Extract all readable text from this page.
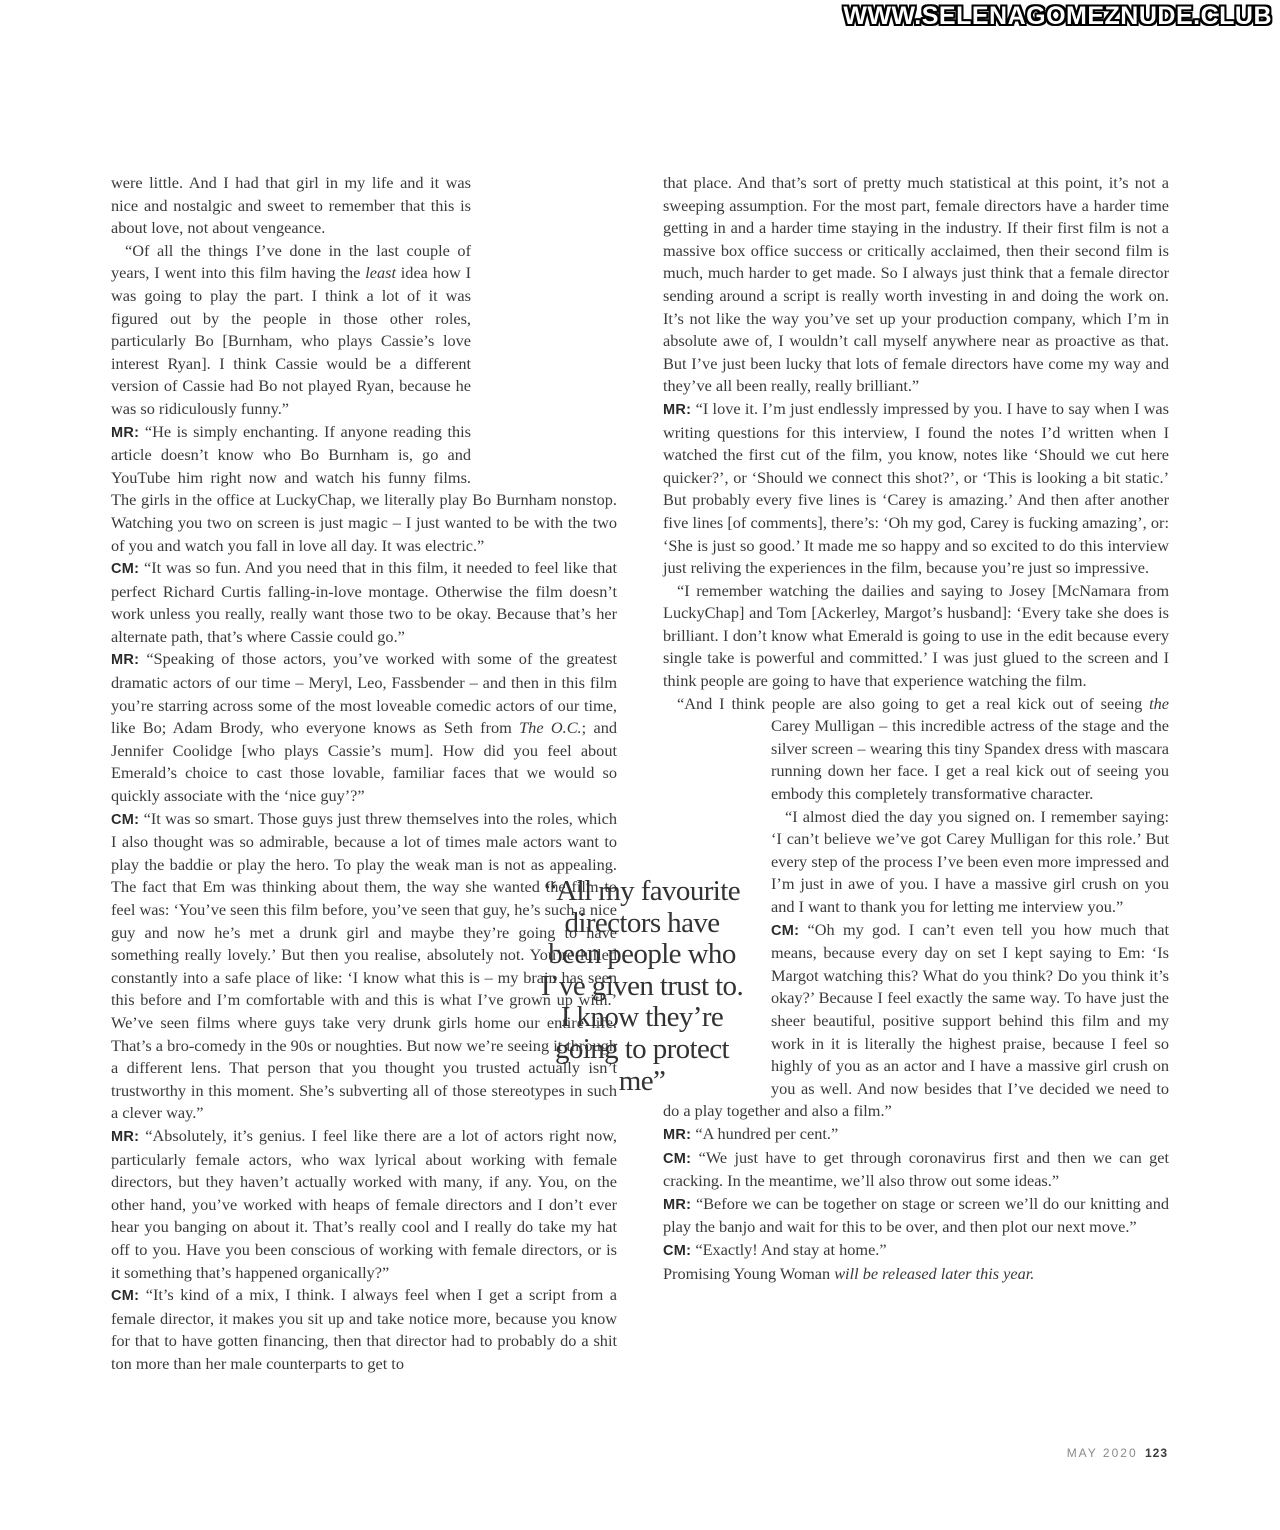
WWW.SELENAGOMEZNUDE.CLUB

were little. And I had that girl in my life and it was nice and nostalgic and sweet to remember that this is about love, not about vengeance.

“Of all the things I’ve done in the last couple of years, I went into this film having the least idea how I was going to play the part. I think a lot of it was figured out by the people in those other roles, particularly Bo [Burnham, who plays Cassie’s love interest Ryan]. I think Cassie would be a different version of Cassie had Bo not played Ryan, because he was so ridiculously funny.”

MR: “He is simply enchanting. If anyone reading this article doesn’t know who Bo Burnham is, go and YouTube him right now and watch his funny films. The girls in the office at LuckyChap, we literally play Bo Burnham nonstop. Watching you two on screen is just magic – I just wanted to be with the two of you and watch you fall in love all day. It was electric.”

CM: “It was so fun. And you need that in this film, it needed to feel like that perfect Richard Curtis falling-in-love montage. Otherwise the film doesn’t work unless you really, really want those two to be okay. Because that’s her alternate path, that’s where Cassie could go.”

MR: “Speaking of those actors, you’ve worked with some of the greatest dramatic actors of our time – Meryl, Leo, Fassbender – and then in this film you’re starring across some of the most loveable comedic actors of our time, like Bo; Adam Brody, who everyone knows as Seth from The O.C.; and Jennifer Coolidge [who plays Cassie’s mum]. How did you feel about Emerald’s choice to cast those lovable, familiar faces that we would so quickly associate with the ‘nice guy’?”

CM: “It was so smart. Those guys just threw themselves into the roles, which I also thought was so admirable, because a lot of times male actors want to play the baddie or play the hero. To play the weak man is not as appealing. The fact that Em was thinking about them, the way she wanted the film to feel was: ‘You’ve seen this film before, you’ve seen that guy, he’s such a nice guy and now he’s met a drunk girl and maybe they’re going to have something really lovely.’ But then you realise, absolutely not. You’re lulled constantly into a safe place of like: ‘I know what this is – my brain has seen this before and I’m comfortable with and this is what I’ve grown up with.’ We’ve seen films where guys take very drunk girls home our entire life. That’s a bro-comedy in the 90s or noughties. But now we’re seeing it through a different lens. That person that you thought you trusted actually isn’t trustworthy in this moment. She’s subverting all of those stereotypes in such a clever way.”

MR: “Absolutely, it’s genius. I feel like there are a lot of actors right now, particularly female actors, who wax lyrical about working with female directors, but they haven’t actually worked with many, if any. You, on the other hand, you’ve worked with heaps of female directors and I don’t ever hear you banging on about it. That’s really cool and I really do take my hat off to you. Have you been conscious of working with female directors, or is it something that’s happened organically?”

CM: “It’s kind of a mix, I think. I always feel when I get a script from a female director, it makes you sit up and take notice more, because you know for that to have gotten financing, then that director had to probably do a shit ton more than her male counterparts to get to

“All my favourite directors have been people who I’ve given trust to. I know they’re going to protect me”

that place. And that’s sort of pretty much statistical at this point, it’s not a sweeping assumption. For the most part, female directors have a harder time getting in and a harder time staying in the industry. If their first film is not a massive box office success or critically acclaimed, then their second film is much, much harder to get made. So I always just think that a female director sending around a script is really worth investing in and doing the work on. It’s not like the way you’ve set up your production company, which I’m in absolute awe of, I wouldn’t call myself anywhere near as proactive as that. But I’ve just been lucky that lots of female directors have come my way and they’ve all been really, really brilliant.”

MR: “I love it. I’m just endlessly impressed by you. I have to say when I was writing questions for this interview, I found the notes I’d written when I watched the first cut of the film, you know, notes like ‘Should we cut here quicker?’, or ‘Should we connect this shot?’, or ‘This is looking a bit static.’ But probably every five lines is ‘Carey is amazing.’ And then after another five lines [of comments], there’s: ‘Oh my god, Carey is fucking amazing’, or: ‘She is just so good.’ It made me so happy and so excited to do this interview just reliving the experiences in the film, because you’re just so impressive.

“I remember watching the dailies and saying to Josey [McNamara from LuckyChap] and Tom [Ackerley, Margot’s husband]: ‘Every take she does is brilliant. I don’t know what Emerald is going to use in the edit because every single take is powerful and committed.’ I was just glued to the screen and I think people are going to have that experience watching the film.

“And I think people are also going to get a real kick out of seeing the
Carey Mulligan – this incredible actress of the stage and the silver screen – wearing this tiny Spandex dress with mascara running down her face. I get a real kick out of seeing you embody this completely transformative character.

“I almost died the day you signed on. I remember saying: ‘I can’t believe we’ve got Carey Mulligan for this role.’ But every step of the process I’ve been even more impressed and I’m just in awe of you. I have a massive girl crush on you and I want to thank you for letting me interview you.”

CM: “Oh my god. I can’t even tell you how much that means, because every day on set I kept saying to Em: ‘Is Margot watching this? What do you think? Do you think it’s okay?’ Because I feel exactly the same way. To have just the sheer beautiful, positive support behind this film and my work in it is literally the highest praise, because I feel so highly of you as an actor and I have a massive girl crush on you as well. And now besides that I’ve decided we need to do a play together and also a film.”

MR: “A hundred per cent.”

CM: “We just have to get through coronavirus first and then we can get cracking. In the meantime, we’ll also throw out some ideas.”

MR: “Before we can be together on stage or screen we’ll do our knitting and play the banjo and wait for this to be over, and then plot our next move.”

CM: “Exactly! And stay at home.”

Promising Young Woman will be released later this year.

MAY 2020 123
